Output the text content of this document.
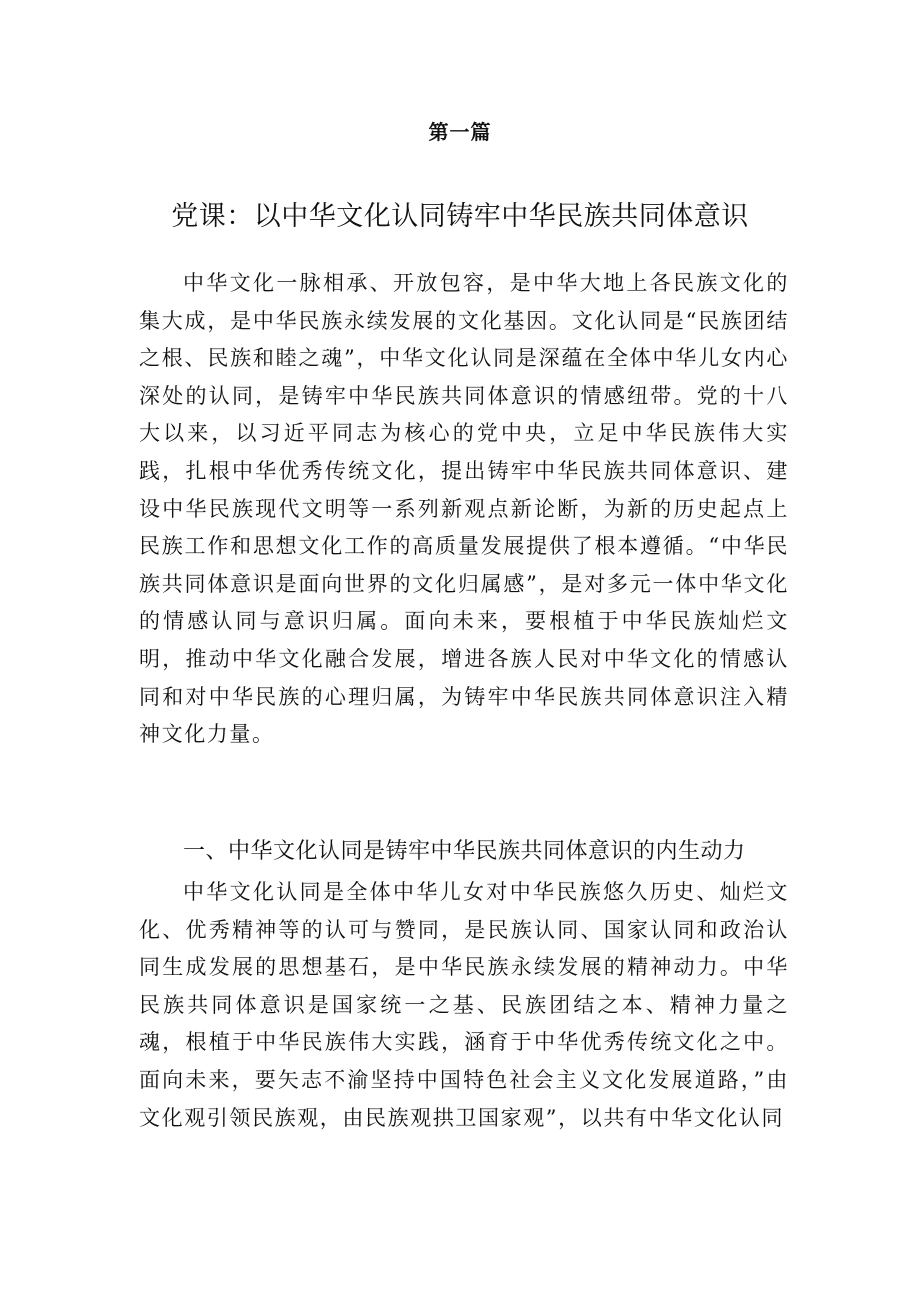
第一篇
党课：以中华文化认同铸牢中华民族共同体意识

中华文化一脉相承、开放包容，是中华大地上各民族文化的集大成，是中华民族永续发展的文化基因。文化认同是“民族团结之根、民族和睦之魂”，中华文化认同是深蕴在全体中华儿女内心深处的认同，是铸牢中华民族共同体意识的情感纽带。党的十八大以来，以习近平同志为核心的党中央，立足中华民族伟大实践，扎根中华优秀传统文化，提出铸牢中华民族共同体意识、建设中华民族现代文明等一系列新观点新论断，为新的历史起点上民族工作和思想文化工作的高质量发展提供了根本遵循。“中华民族共同体意识是面向世界的文化归属感”，是对多元一体中华文化的情感认同与意识归属。面向未来，要根植于中华民族灿烂文明，推动中华文化融合发展，增进各族人民对中华文化的情感认同和对中华民族的心理归属，为铸牢中华民族共同体意识注入精神文化力量。

一、中华文化认同是铸牢中华民族共同体意识的内生动力

中华文化认同是全体中华儿女对中华民族悠久历史、灿烂文化、优秀精神等的认可与赞同，是民族认同、国家认同和政治认同生成发展的思想基石，是中华民族永续发展的精神动力。中华民族共同体意识是国家统一之基、民族团结之本、精神力量之魂，根植于中华民族伟大实践，涵育于中华优秀传统文化之中。面向未来，要矢志不渝坚持中国特色社会主义文化发展道路，”由文化观引领民族观，由民族观拱卫国家观”，以共有中华文化认同
